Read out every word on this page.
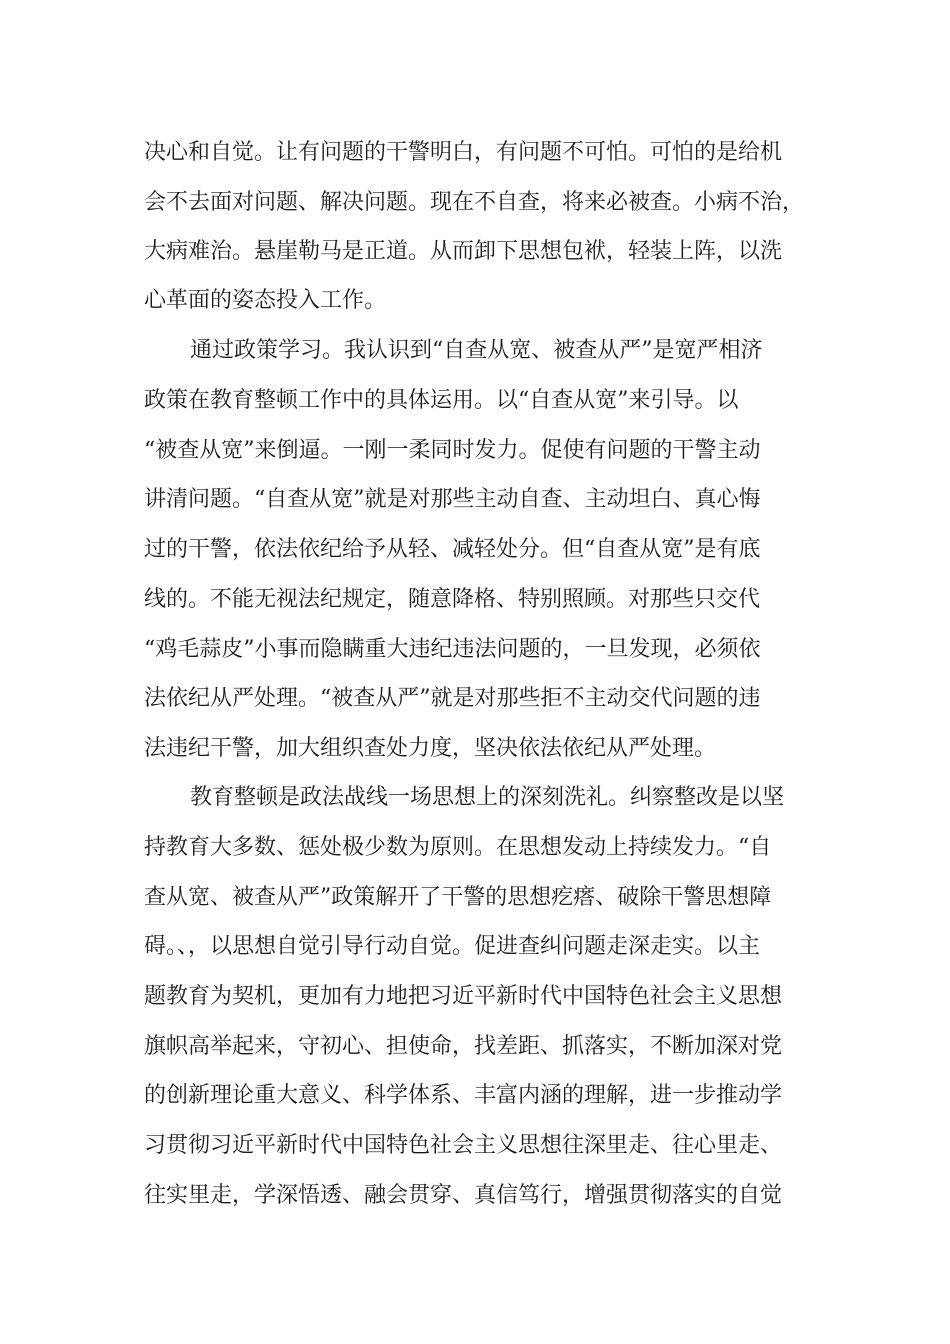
决心和自觉。让有问题的干警明白，有问题不可怕。可怕的是给机
会不去面对问题、解决问题。现在不自查，将来必被查。小病不治，
大病难治。悬崖勒马是正道。从而卸下思想包袱，轻装上阵，以洗
心革面的姿态投入工作。
通过政策学习。我认识到“自查从宽、被查从严”是宽严相济
政策在教育整顿工作中的具体运用。以“自查从宽”来引导。以
“被查从宽”来倒逼。一刚一柔同时发力。促使有问题的干警主动
讲清问题。“自查从宽”就是对那些主动自查、主动坦白、真心悔
过的干警，依法依纪给予从轻、减轻处分。但“自查从宽”是有底
线的。不能无视法纪规定，随意降格、特别照顾。对那些只交代
“鸡毛蒜皮”小事而隐瞒重大违纪违法问题的，一旦发现，必须依
法依纪从严处理。“被查从严”就是对那些拒不主动交代问题的违
法违纪干警，加大组织查处力度，坚决依法依纪从严处理。
教育整顿是政法战线一场思想上的深刻洗礼。纠察整改是以坚
持教育大多数、惩处极少数为原则。在思想发动上持续发力。“自
查从宽、被查从严”政策解开了干警的思想疙瘩、破除干警思想障
碍。、，以思想自觉引导行动自觉。促进查纠问题走深走实。以主
题教育为契机，更加有力地把习近平新时代中国特色社会主义思想
旗帜高举起来，守初心、担使命，找差距、抓落实，不断加深对党
的创新理论重大意义、科学体系、丰富内涵的理解，进一步推动学
习贯彻习近平新时代中国特色社会主义思想往深里走、往心里走、
往实里走，学深悟透、融会贯穿、真信笃行，增强贯彻落实的自觉
